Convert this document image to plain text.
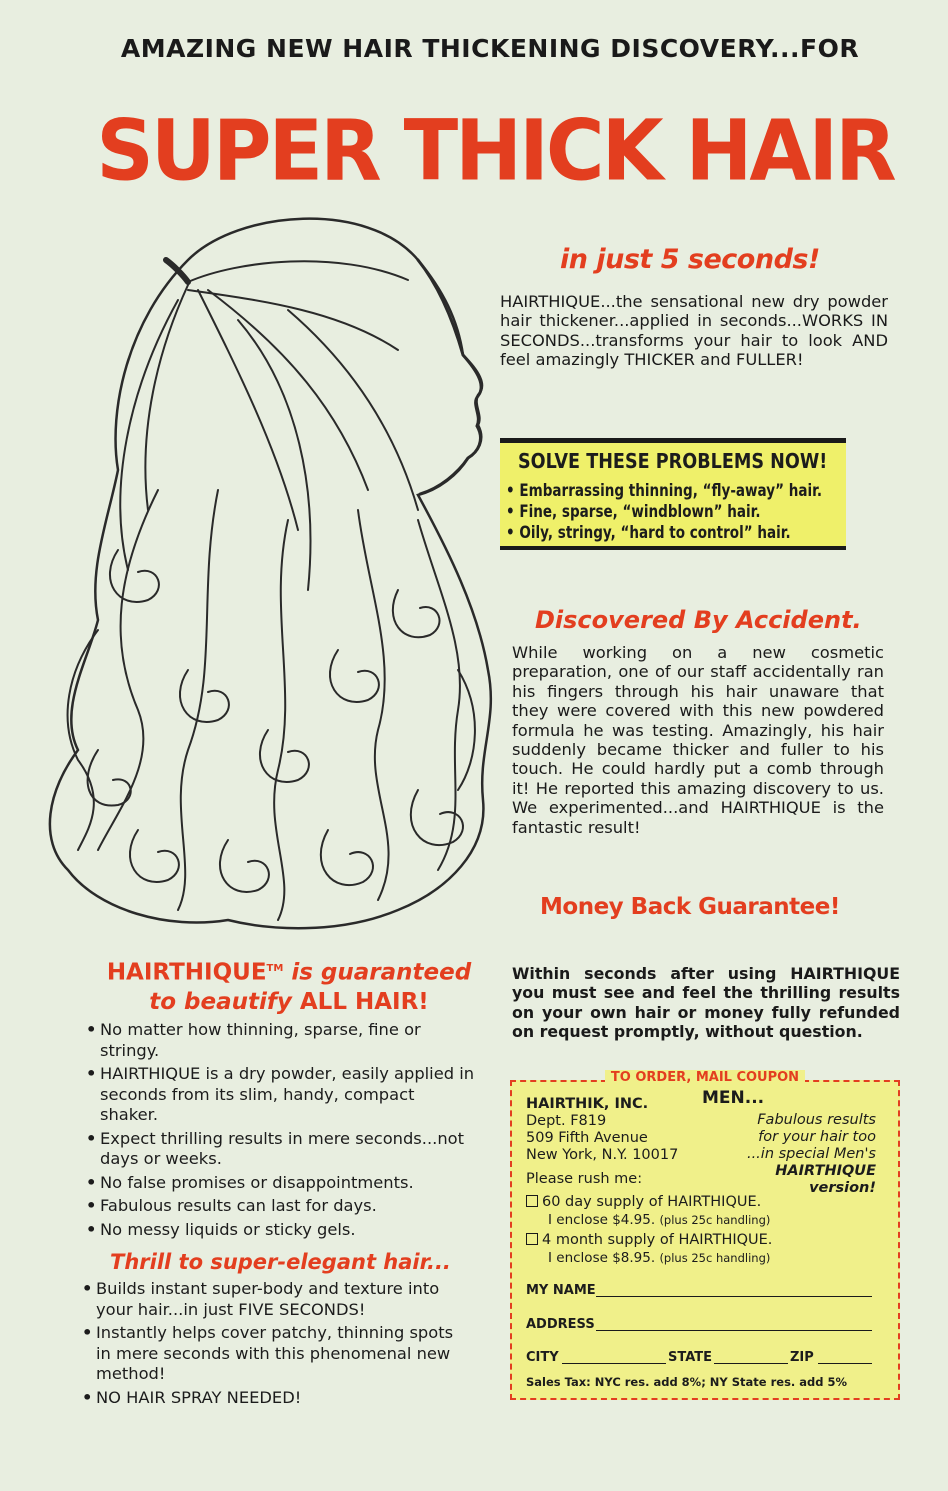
AMAZING NEW HAIR THICKENING DISCOVERY...FOR
SUPER THICK HAIR
in just 5 seconds!
HAIRTHIQUE...the sensational new dry powder hair thickener...applied in seconds...WORKS IN SECONDS...transforms your hair to look AND feel amazingly THICKER and FULLER!
SOLVE THESE PROBLEMS NOW!
• Embarrassing thinning, “fly-away” hair.
• Fine, sparse, “windblown” hair.
• Oily, stringy, “hard to control” hair.
Discovered By Accident.
While working on a new cosmetic preparation, one of our staff accidentally ran his fingers through his hair unaware that they were covered with this new powdered formula he was testing. Amazingly, his hair suddenly became thicker and fuller to his touch. He could hardly put a comb through it! He reported this amazing discovery to us. We experimented...and HAIRTHIQUE is the fantastic result!
Money Back Guarantee!
Within seconds after using HAIRTHIQUE you must see and feel the thrilling results on your own hair or money fully refunded on request promptly, without question.
HAIRTHIQUE™ is guaranteed
to beautify ALL HAIR!
• No matter how thinning, sparse, fine or stringy.
• HAIRTHIQUE is a dry powder, easily applied in seconds from its slim, handy, compact shaker.
• Expect thrilling results in mere seconds...not days or weeks.
• No false promises or disappointments.
• Fabulous results can last for days.
• No messy liquids or sticky gels.
Thrill to super-elegant hair...
• Builds instant super-body and texture into your hair...in just FIVE SECONDS!
• Instantly helps cover patchy, thinning spots in mere seconds with this phenomenal new method!
• NO HAIR SPRAY NEEDED!
TO ORDER, MAIL COUPON
HAIRTHIK, INC.
Dept. F819
509 Fifth Avenue
New York, N.Y. 10017
MEN...
Fabulous results
for your hair too
...in special Men's
HAIRTHIQUE
version!
Please rush me:
60 day supply of HAIRTHIQUE.
I enclose $4.95. (plus 25c handling)
4 month supply of HAIRTHIQUE.
I enclose $8.95. (plus 25c handling)
MY NAME
ADDRESS
CITY	STATE	ZIP
Sales Tax: NYC res. add 8%; NY State res. add 5%
